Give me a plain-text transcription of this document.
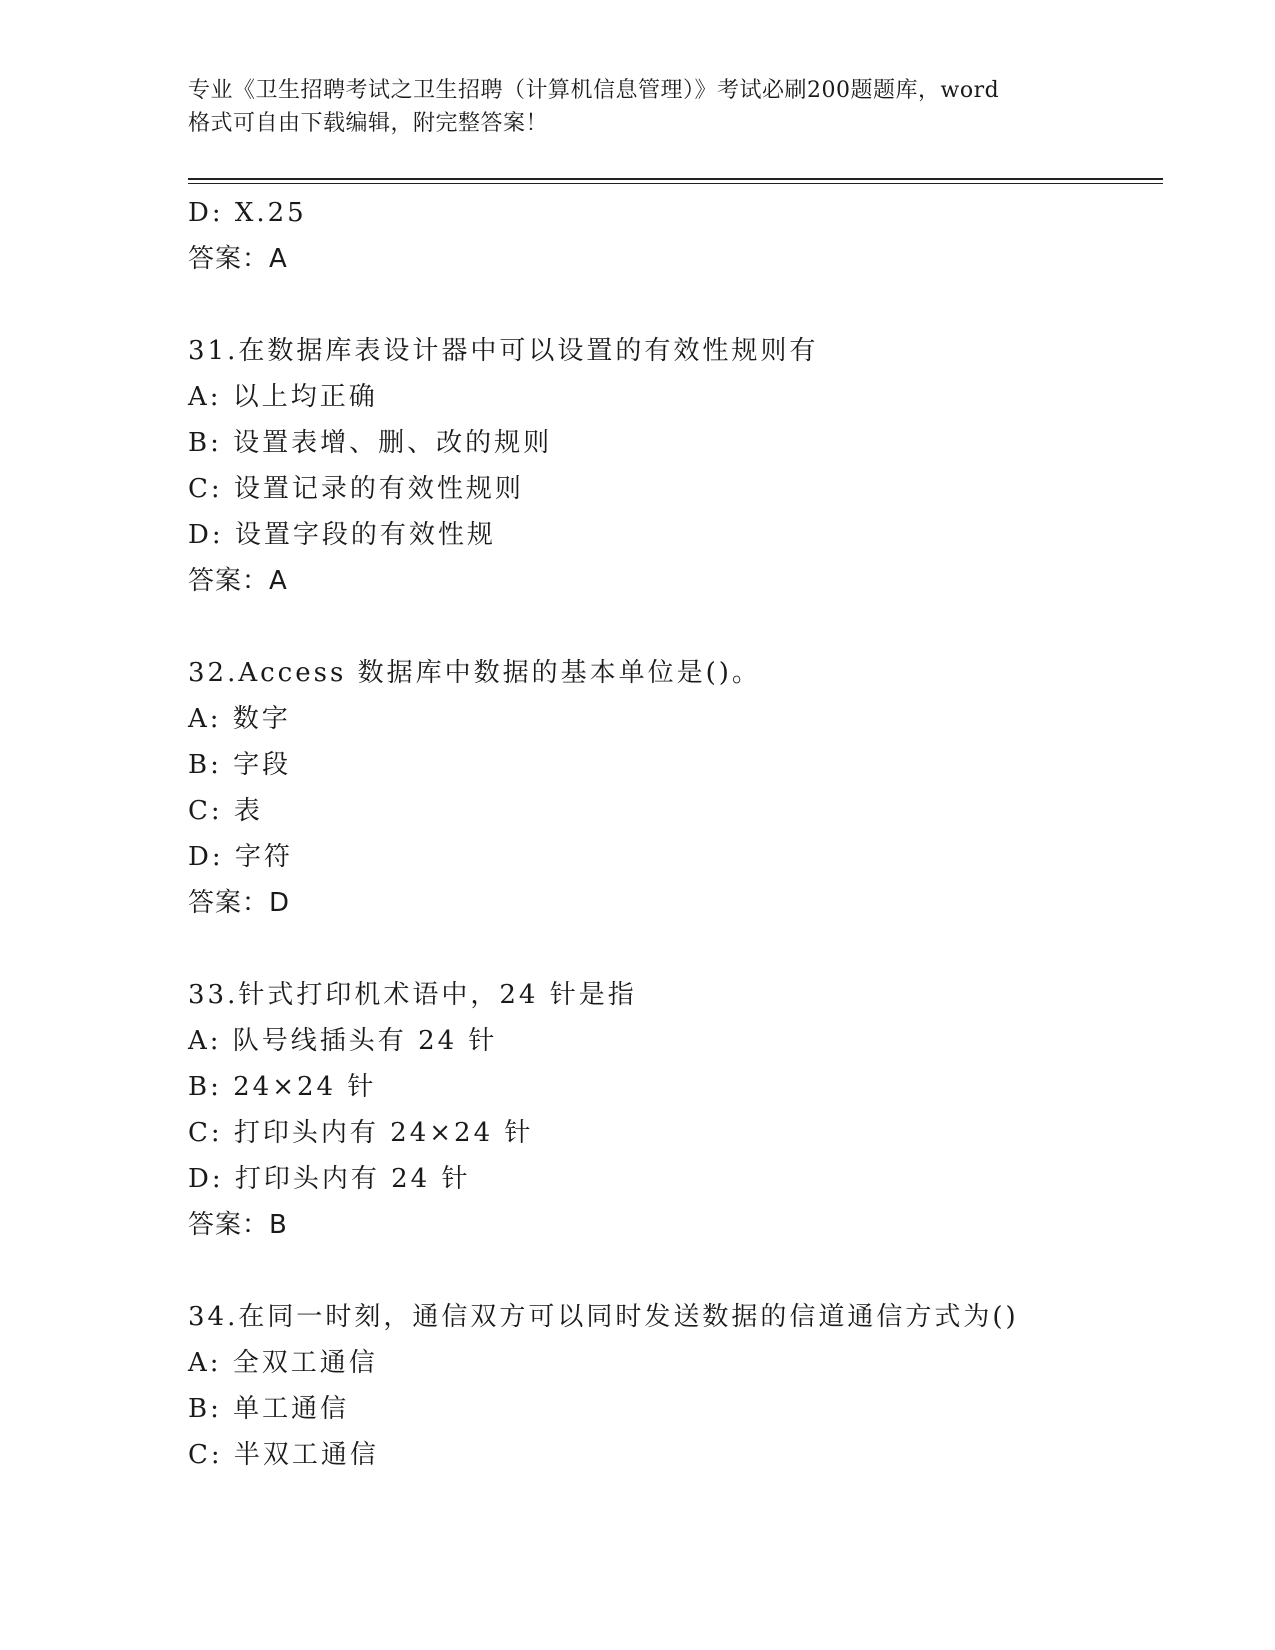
专业《卫生招聘考试之卫生招聘（计算机信息管理）》考试必刷200题题库，word
格式可自由下载编辑，附完整答案！
D: X.25
答案：A
31.在数据库表设计器中可以设置的有效性规则有
A: 以上均正确
B: 设置表增、删、改的规则
C: 设置记录的有效性规则
D: 设置字段的有效性规
答案：A
32.Access 数据库中数据的基本单位是()。
A: 数字
B: 字段
C: 表
D: 字符
答案：D
33.针式打印机术语中，24 针是指
A: 队号线插头有 24 针
B: 24×24 针
C: 打印头内有 24×24 针
D: 打印头内有 24 针
答案：B
34.在同一时刻，通信双方可以同时发送数据的信道通信方式为()
A: 全双工通信
B: 单工通信
C: 半双工通信
